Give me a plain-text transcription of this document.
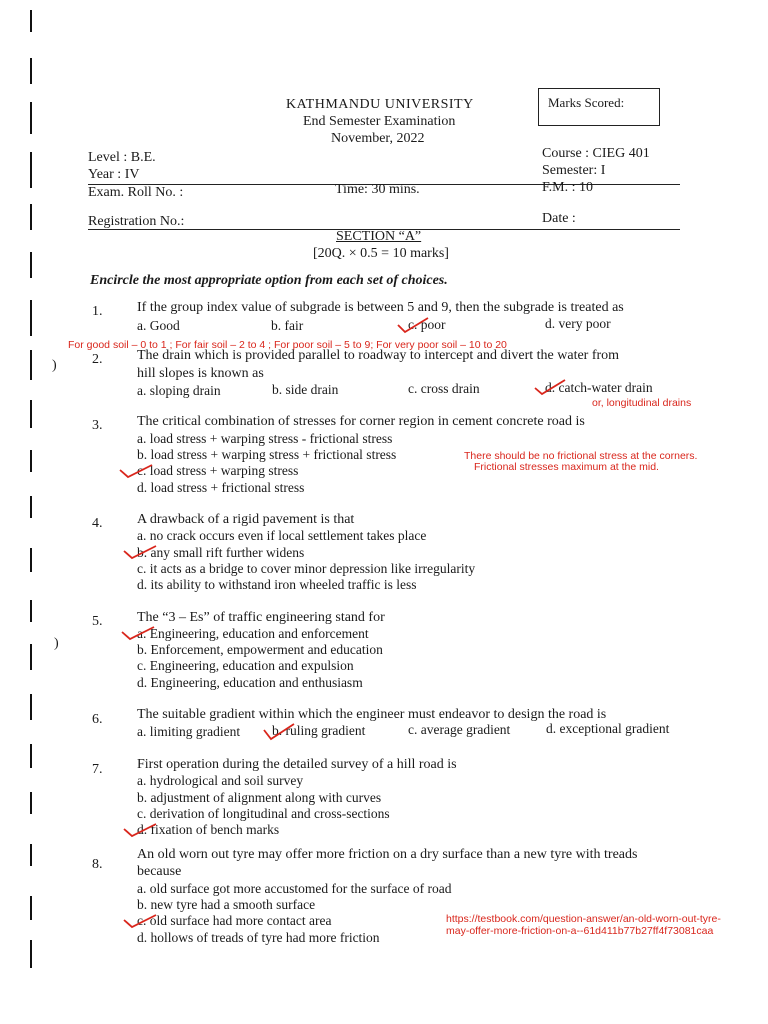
)
)
KATHMANDU UNIVERSITY
End Semester Examination
November, 2022
Marks Scored:
Level : B.E.
Year : IV
Exam. Roll No. :	Time: 30 mins.
Registration No.:
Course : CIEG 401
Semester: I
F.M. : 10
Date :
SECTION “A”
[20Q. × 0.5 = 10 marks]
Encircle the most appropriate option from each set of choices.
1. If the group index value of subgrade is between 5 and 9, then the subgrade is treated as
a. Good	b. fair	c. poor	d. very poor
For good soil – 0 to 1 ; For fair soil – 2 to 4 ; For poor soil – 5 to 9; For very poor soil – 10 to 20
2. The drain which is provided parallel to roadway to intercept and divert the water from
hill slopes is known as
a. sloping drain	b. side drain	c. cross drain	d. catch-water drain
or, longitudinal drains
3. The critical combination of stresses for corner region in cement concrete road is
a. load stress + warping stress - frictional stress
b. load stress + warping stress + frictional stress
c. load stress + warping stress
d. load stress + frictional stress
There should be no frictional stress at the corners.
Frictional stresses maximum at the mid.
4. A drawback of a rigid pavement is that
a. no crack occurs even if local settlement takes place
b. any small rift further widens
c. it acts as a bridge to cover minor depression like irregularity
d. its ability to withstand iron wheeled traffic is less
5. The “3 – Es” of traffic engineering stand for
a. Engineering, education and enforcement
b. Enforcement, empowerment and education
c. Engineering, education and expulsion
d. Engineering, education and enthusiasm
6. The suitable gradient within which the engineer must endeavor to design the road is
a. limiting gradient b. ruling gradient	c. average gradient	d. exceptional gradient
7. First operation during the detailed survey of a hill road is
a. hydrological and soil survey
b. adjustment of alignment along with curves
c. derivation of longitudinal and cross-sections
d. fixation of bench marks
8.
An old worn out tyre may offer more friction on a dry surface than a new tyre with treads
because
a. old surface got more accustomed for the surface of road
b. new tyre had a smooth surface
c. old surface had more contact area
d. hollows of treads of tyre had more friction
https://testbook.com/question-answer/an-old-worn-out-tyre-
may-offer-more-friction-on-a--61d411b77b27ff4f73081caa
